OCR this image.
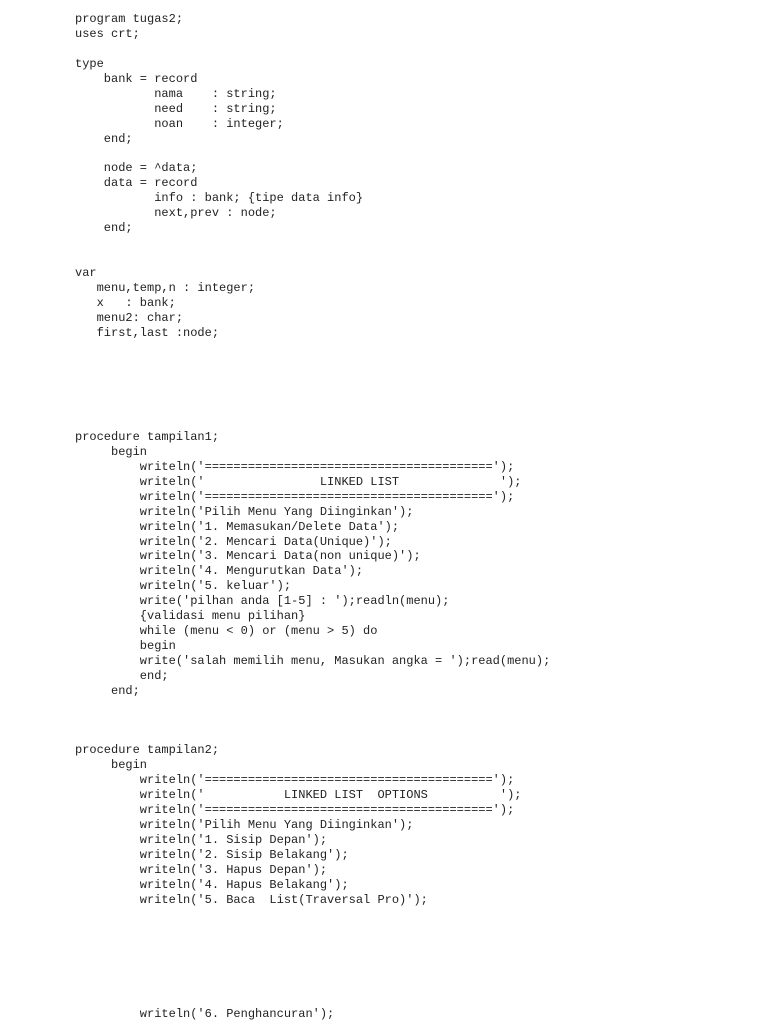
program tugas2;
uses crt;
type
bank = record
nama    : string;
need    : string;
noan    : integer;
end;
node = ^data;
data = record
info : bank; {tipe data info}
next,prev : node;
end;
var
menu,temp,n : integer;
x   : bank;
menu2: char;
first,last :node;
procedure tampilan1;
begin
writeln('========================================');
writeln('                LINKED LIST              ');
writeln('========================================');
writeln('Pilih Menu Yang Diinginkan');
writeln('1. Memasukan/Delete Data');
writeln('2. Mencari Data(Unique)');
writeln('3. Mencari Data(non unique)');
writeln('4. Mengurutkan Data');
writeln('5. keluar');
write('pilhan anda [1-5] : ');readln(menu);
{validasi menu pilihan}
while (menu < 0) or (menu > 5) do
begin
write('salah memilih menu, Masukan angka = ');read(menu);
end;
end;
procedure tampilan2;
begin
writeln('========================================');
writeln('           LINKED LIST  OPTIONS          ');
writeln('========================================');
writeln('Pilih Menu Yang Diinginkan');
writeln('1. Sisip Depan');
writeln('2. Sisip Belakang');
writeln('3. Hapus Depan');
writeln('4. Hapus Belakang');
writeln('5. Baca  List(Traversal Pro)');
writeln('6. Penghancuran');
